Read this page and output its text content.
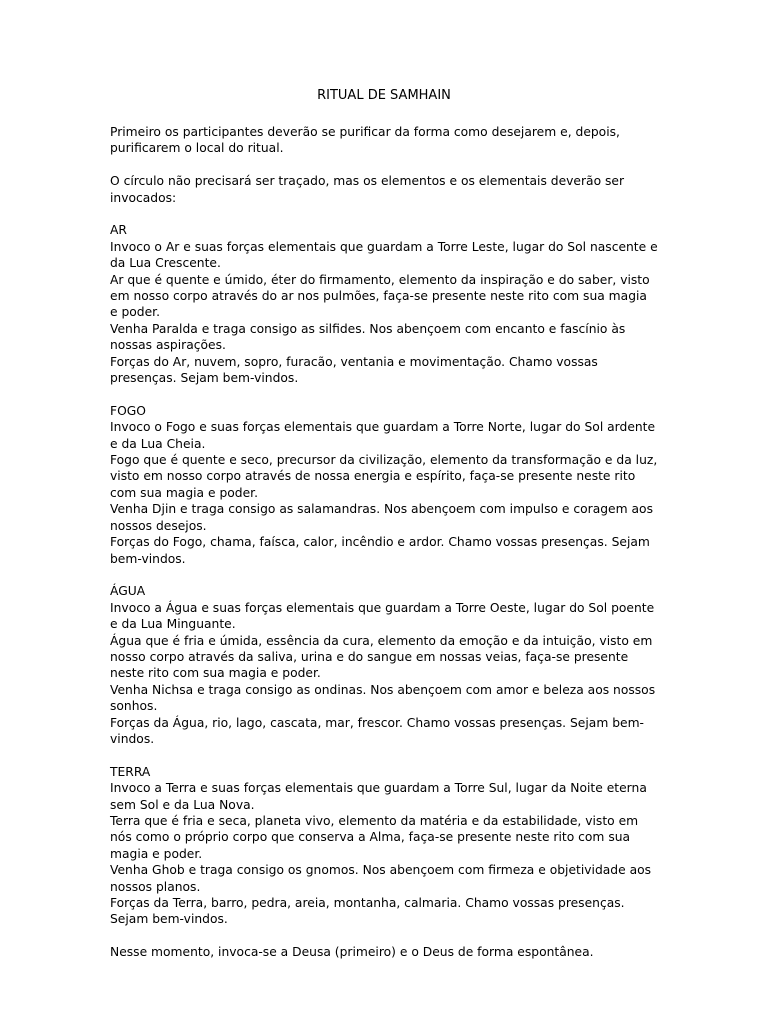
RITUAL DE SAMHAIN

Primeiro os participantes deverão se purificar da forma como desejarem e, depois, purificarem o local do ritual.

O círculo não precisará ser traçado, mas os elementos e os elementais deverão ser invocados:

AR

Invoco o Ar e suas forças elementais que guardam a Torre Leste, lugar do Sol nascente e da Lua Crescente.

Ar que é quente e úmido, éter do firmamento, elemento da inspiração e do saber, visto em nosso corpo através do ar nos pulmões, faça-se presente neste rito com sua magia e poder.

Venha Paralda e traga consigo as silfides. Nos abençoem com encanto e fascínio às nossas aspirações.

Forças do Ar, nuvem, sopro, furacão, ventania e movimentação. Chamo vossas presenças. Sejam bem-vindos.

FOGO

Invoco o Fogo e suas forças elementais que guardam a Torre Norte, lugar do Sol ardente e da Lua Cheia.

Fogo que é quente e seco, precursor da civilização, elemento da transformação e da luz, visto em nosso corpo através de nossa energia e espírito, faça-se presente neste rito com sua magia e poder.

Venha Djin e traga consigo as salamandras. Nos abençoem com impulso e coragem aos nossos desejos.

Forças do Fogo, chama, faísca, calor, incêndio e ardor. Chamo vossas presenças. Sejam bem-vindos.

ÁGUA

Invoco a Água e suas forças elementais que guardam a Torre Oeste, lugar do Sol poente e da Lua Minguante.

Água que é fria e úmida, essência da cura, elemento da emoção e da intuição, visto em nosso corpo através da saliva, urina e do sangue em nossas veias, faça-se presente neste rito com sua magia e poder.

Venha Nichsa e traga consigo as ondinas. Nos abençoem com amor e beleza aos nossos sonhos.

Forças da Água, rio, lago, cascata, mar, frescor. Chamo vossas presenças. Sejam bem-vindos.

TERRA

Invoco a Terra e suas forças elementais que guardam a Torre Sul, lugar da Noite eterna sem Sol e da Lua Nova.

Terra que é fria e seca, planeta vivo, elemento da matéria e da estabilidade, visto em nós como o próprio corpo que conserva a Alma, faça-se presente neste rito com sua magia e poder.

Venha Ghob e traga consigo os gnomos. Nos abençoem com firmeza e objetividade aos nossos planos.

Forças da Terra, barro, pedra, areia, montanha, calmaria. Chamo vossas presenças. Sejam bem-vindos.

Nesse momento, invoca-se a Deusa (primeiro) e o Deus de forma espontânea.
